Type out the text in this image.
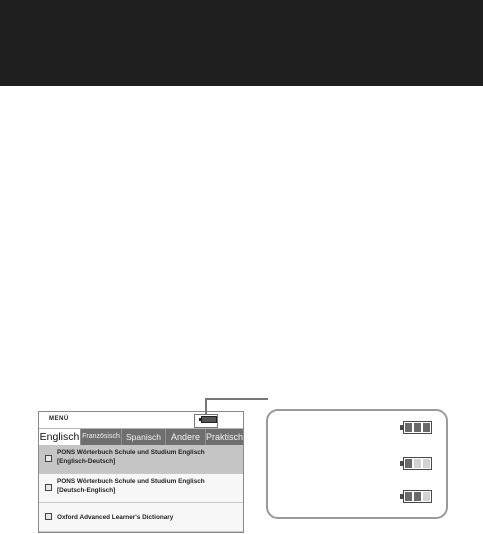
MENÜ
Englisch Französisch Spanisch	Andere Praktisch
PONS Wörterbuch Schule und Studium Englisch
[Englisch-Deutsch]
PONS Wörterbuch Schule und Studium Englisch
[Deutsch-Englisch]
Oxford Advanced Learner's Dictionary
